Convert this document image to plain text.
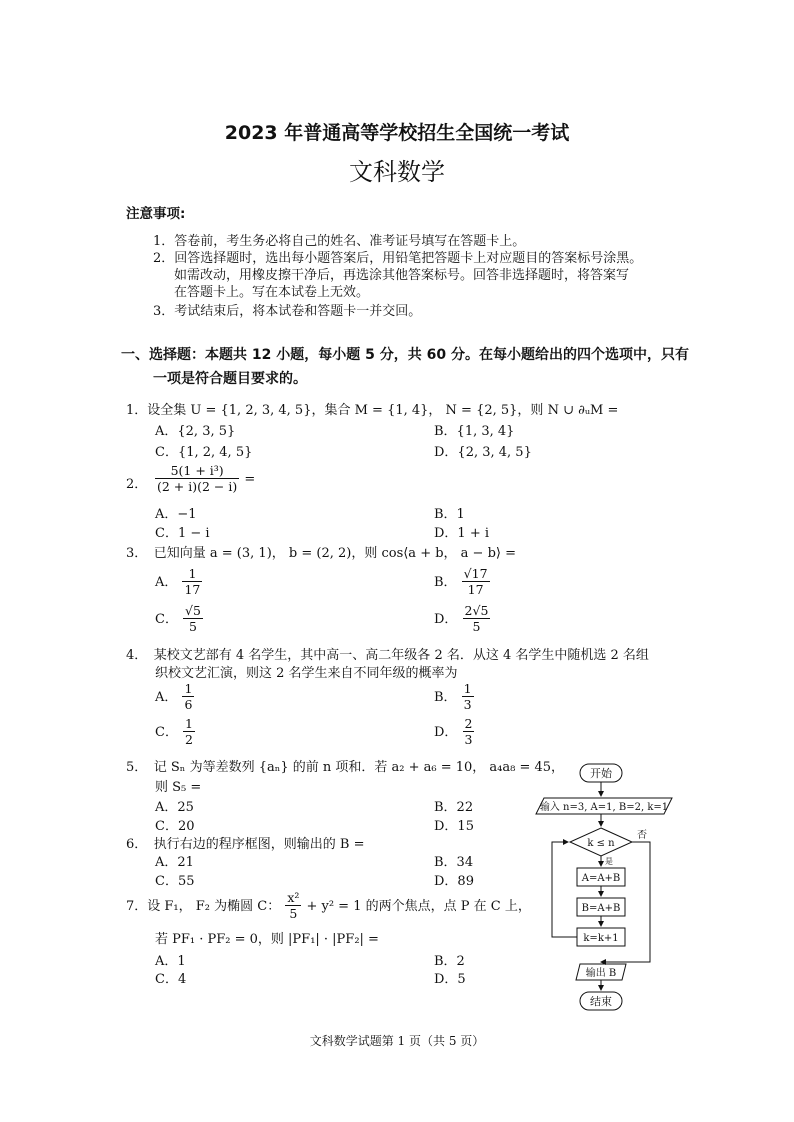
2023 年普通高等学校招生全国统一考试
文科数学
注意事项:
1．答卷前，考生务必将自己的姓名、准考证号填写在答题卡上。
2．回答选择题时，选出每小题答案后，用铅笔把答题卡上对应题目的答案标号涂黑。
如需改动，用橡皮擦干净后，再选涂其他答案标号。回答非选择题时，将答案写
在答题卡上。写在本试卷上无效。
3．考试结束后，将本试卷和答题卡一并交回。
一、选择题：本题共 12 小题，每小题 5 分，共 60 分。在每小题给出的四个选项中，只有
一项是符合题目要求的。
1．设全集 U = {1, 2, 3, 4, 5}，集合 M = {1, 4}， N = {2, 5}，则 N ∪ ∂ᵤM =
A．{2, 3, 5}	B．{1, 3, 4}
C．{1, 2, 4, 5}	D．{2, 3, 4, 5}
2． $\frac{\text{5(1 + i³)}}{(2 + i)(2 - i)}$ =
A．−1	B．1
C．1 − i	D．1 + i
3．　已知向量 a = (3, 1)， b = (2, 2)，则 cos⟨a + b， a − b⟩ =
A． $\frac{1}{17}$	B． $\frac{√17}{17}$
C． $\frac{√5}{5}$	D． $\frac{2√5}{5}$
4．　某校文艺部有 4 名学生，其中高一、高二年级各 2 名．从这 4 名学生中随机选 2 名组
织校文艺汇演，则这 2 名学生来自不同年级的概率为
A． $\frac{1}{6}$	B． $\frac{1}{3}$
C． $\frac{1}{2}$	D． $\frac{2}{3}$
5．　记 Sₙ 为等差数列 {aₙ} 的前 n 项和．若 a₂ + a₆ = 10， a₄a₈ = 45，
则 S₅ =
A．25	B．22
C．20	D．15
6．　执行右边的程序框图，则输出的 B =
A．21	B．34
C．55	D．89
7．设 F₁， F₂ 为椭圆 C： $\frac{\text{x²}}{5} + y^2 = 1$ 的两个焦点，点 P 在 C 上，
若 PF₁ · PF₂ = 0，则 |PF₁| · |PF₂| =
A．1	B．2
C．4	D．5
开始
输入 n=3, A=1, B=2, k=1
k ≤ n
否
是
A=A+B
B=A+B
k=k+1
输出 B
结束
文科数学试题第 1 页（共 5 页）
